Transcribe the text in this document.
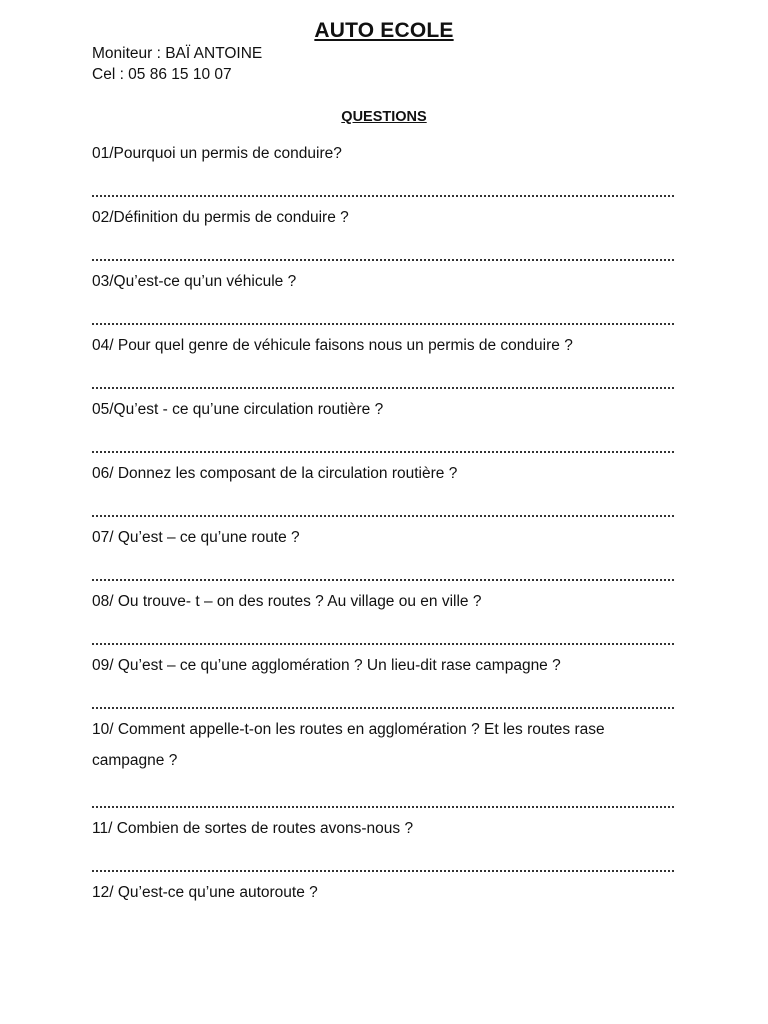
AUTO ECOLE
Moniteur : BAÏ ANTOINE
Cel : 05 86 15 10 07
QUESTIONS
01/Pourquoi un permis de conduire?
02/Définition du permis de conduire ?
03/Qu’est-ce qu’un véhicule ?
04/ Pour quel genre de véhicule faisons nous un permis de conduire ?
05/Qu’est - ce qu’une circulation routière ?
06/ Donnez les composant de la circulation routière ?
07/ Qu’est – ce qu’une route ?
08/ Ou trouve- t – on des routes ? Au village ou en ville ?
09/ Qu’est – ce qu’une agglomération ? Un lieu-dit rase campagne ?
10/ Comment appelle-t-on les routes en agglomération ? Et les routes rase campagne ?
11/ Combien de sortes de routes avons-nous ?
12/ Qu’est-ce qu’une autoroute ?
